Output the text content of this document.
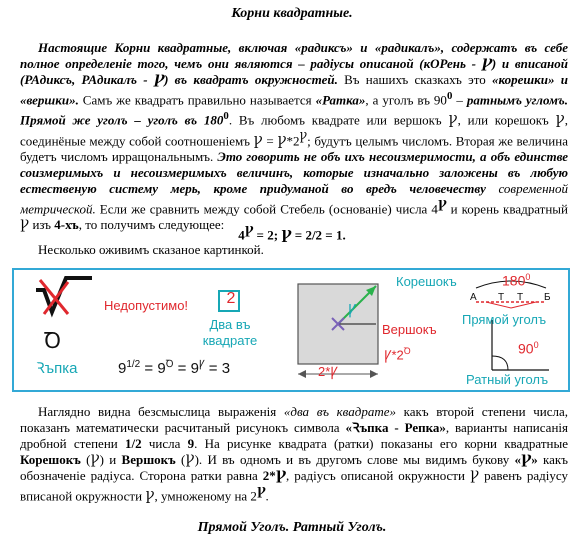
Корни квадратные.
Настоящие Корни квадратные, включая «радиксъ» и «радикалъ», содержатъ въ себе полное определенiе того, чемъ они являются – радiусы описаной (кОРень - Ꝩ) и вписаной (РАдиксъ, РАдикалъ - Ꝩ) въ квадратъ окружностей. Въ нашихъ сказкахъ это «корешки» и «вершки». Самъ же квадратъ правильно называется «Ратка», а уголъ въ $90^0$ – ратнымъ угломъ. Прямой же уголъ – уголъ въ $180^0$. Въ любомъ квадрате или вершокъ Ꝩ, или корешокъ Ꝩ, соединёные между собой соотношенiемъ Ꝩ = $Ꝩ*2^Ꝩ$; будутъ целымъ числомъ. Вторая же величина будетъ числомъ ирращональнымъ. Это говорить не объ ихъ несоизмеримости, а объ единстве соизмеримыхъ и несоизмеримыхъ величинъ, которые изначально заложены въ любую естественую систему мерь, кроме придуманой во вредъ человечеству современной метрической. Если же сравнить между собой Стебель (основанiе) числа $4^Ꝩ$ и корень квадратный Ꝩ изъ 4-хъ, то получимъ следующее:
$4^Ꝩ = 2$; Ꝩ = 2/2 = 1.
Несколько оживимъ сказаное картинкой.
Недопустимо! 2
Два въ
квадрате
Ꝺ
Ꝛъпка	$9^{1/2} = 9^Ꝺ = 9^Ꝩ = 3$
Ꝩ
Корешокъ
Вершокъ
$Ꝩ*2^Ꝺ$
2*Ꝩ
$180^0$
А Т Т Б
Прямой уголъ
$90^0$
Ратный уголъ
Наглядно видна безсмыслица выраженiя «два въ квадрате» какъ второй степени числа, показанъ математически расчитаный рисунокъ символа «Ꝛъпка - Репка», варианты написанiя дробной степени 1/2 числа 9. На рисунке квадрата (ратки) показаны его корни квадратные Корешокъ (Ꝩ) и Вершокъ (Ꝩ). И въ одномъ и въ другомъ слове мы видимъ букову «Ꝩ» какъ обозначенiе радiуса. Сторона ратки равна 2*Ꝩ, радiусъ описаной окружности Ꝩ равенъ радiусу вписаной окружности Ꝩ, умноженому на $2^Ꝩ$.
Прямой Уголъ. Ратный Уголъ.
